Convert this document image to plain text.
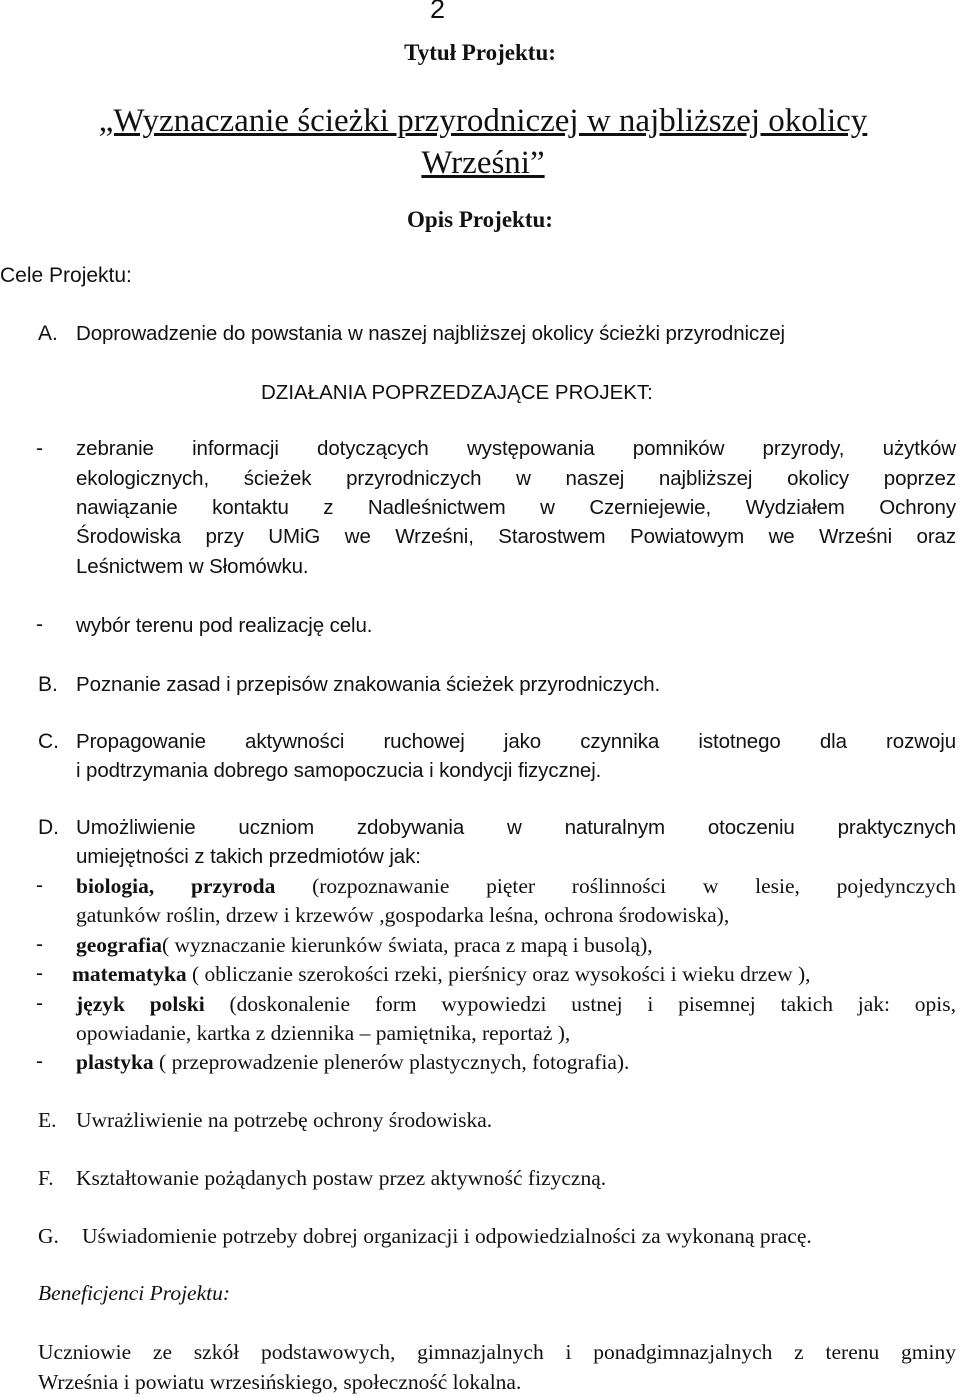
2
Tytuł Projektu:
„Wyznaczanie ścieżki przyrodniczej w najbliższej okolicy Wrześni”
Opis Projektu:
Cele Projektu:
A. Doprowadzenie do powstania w naszej najbliższej okolicy ścieżki przyrodniczej
DZIAŁANIA POPRZEDZAJĄCE PROJEKT:
- zebranie informacji dotyczących występowania pomników przyrody, użytków
ekologicznych, ścieżek przyrodniczych w naszej najbliższej okolicy poprzez
nawiązanie kontaktu z Nadleśnictwem w Czerniejewie, Wydziałem Ochrony
Środowiska przy UMiG we Wrześni, Starostwem Powiatowym we Wrześni oraz
Leśnictwem w Słomówku.
- wybór terenu pod realizację celu.
B. Poznanie zasad i przepisów znakowania ścieżek przyrodniczych.
C. Propagowanie aktywności ruchowej jako czynnika istotnego dla rozwoju
i podtrzymania dobrego samopoczucia i kondycji fizycznej.
D. Umożliwienie uczniom zdobywania w naturalnym otoczeniu praktycznych
umiejętności z takich przedmiotów jak:
- biologia, przyroda (rozpoznawanie pięter roślinności w lesie, pojedynczych
gatunków roślin, drzew i krzewów ,gospodarka leśna, ochrona środowiska),
- geografia( wyznaczanie kierunków świata, praca z mapą i busolą),
- matematyka ( obliczanie szerokości rzeki, pierśnicy oraz wysokości i wieku drzew ),
- język polski (doskonalenie form wypowiedzi ustnej i pisemnej takich jak: opis,
opowiadanie, kartka z dziennika – pamiętnika, reportaż ),
- plastyka ( przeprowadzenie plenerów plastycznych, fotografia).
E. Uwrażliwienie na potrzebę ochrony środowiska.
F. Kształtowanie pożądanych postaw przez aktywność fizyczną.
G. Uświadomienie potrzeby dobrej organizacji i odpowiedzialności za wykonaną pracę.
Beneficjenci Projektu:
Uczniowie ze szkół podstawowych, gimnazjalnych i ponadgimnazjalnych z terenu gminy
Września i powiatu wrzesińskiego, społeczność lokalna.
